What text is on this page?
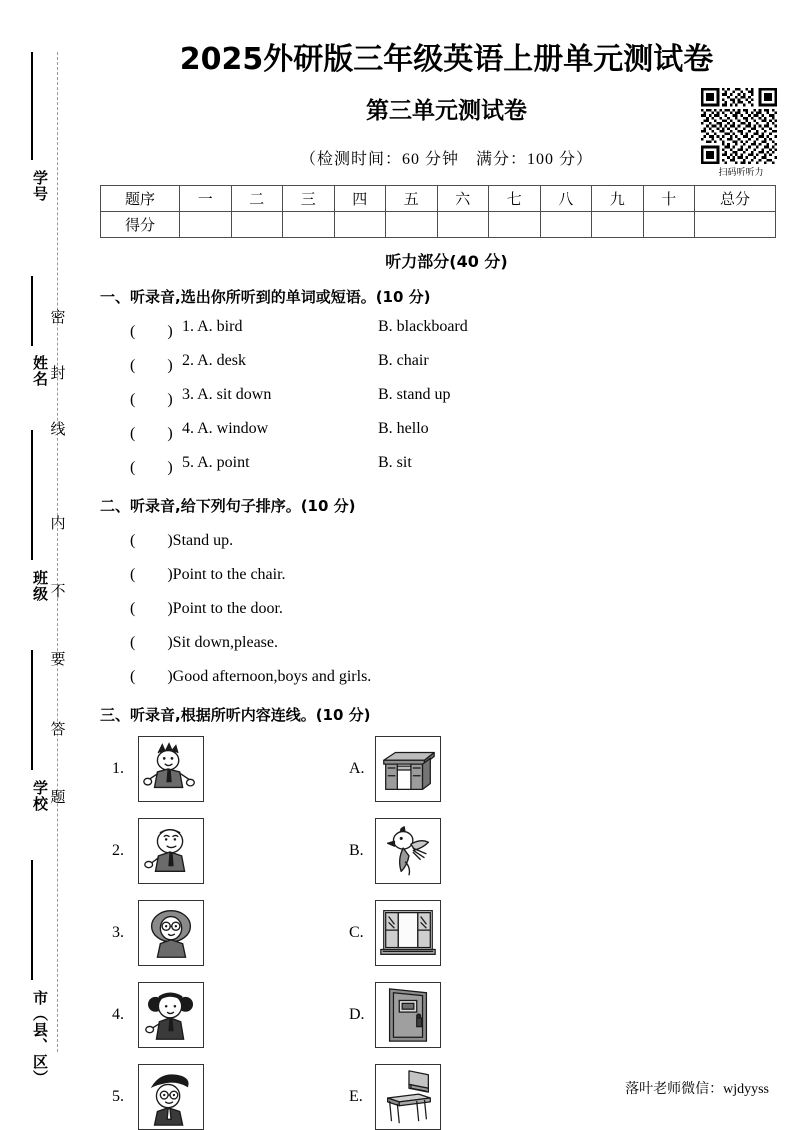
学号
姓名
班级
学校
市（县、区）
密
封
线
内
不
要
答
题
2025外研版三年级英语上册单元测试卷
第三单元测试卷
（检测时间：60 分钟　满分：100 分）
扫码听听力
题序	一	二	三	四	五	六	七	八	九	十	总分
得分											
听力部分(40 分)
一、听录音,选出你所听到的单词或短语。(10 分)
(　　) 1. A. bird	B. blackboard
(　　) 2. A. desk	B. chair
(　　) 3. A. sit down	B. stand up
(　　) 4. A. window	B. hello
(　　) 5. A. point	B. sit
二、听录音,给下列句子排序。(10 分)
(　　)Stand up.
(　　)Point to the chair.
(　　)Point to the door.
(　　)Sit down,please.
(　　)Good afternoon,boys and girls.
三、听录音,根据所听内容连线。(10 分)
1.
2.
3.
4.
5.
A.
B.
C.
D.
E.	落叶老师微信：wjdyyss
